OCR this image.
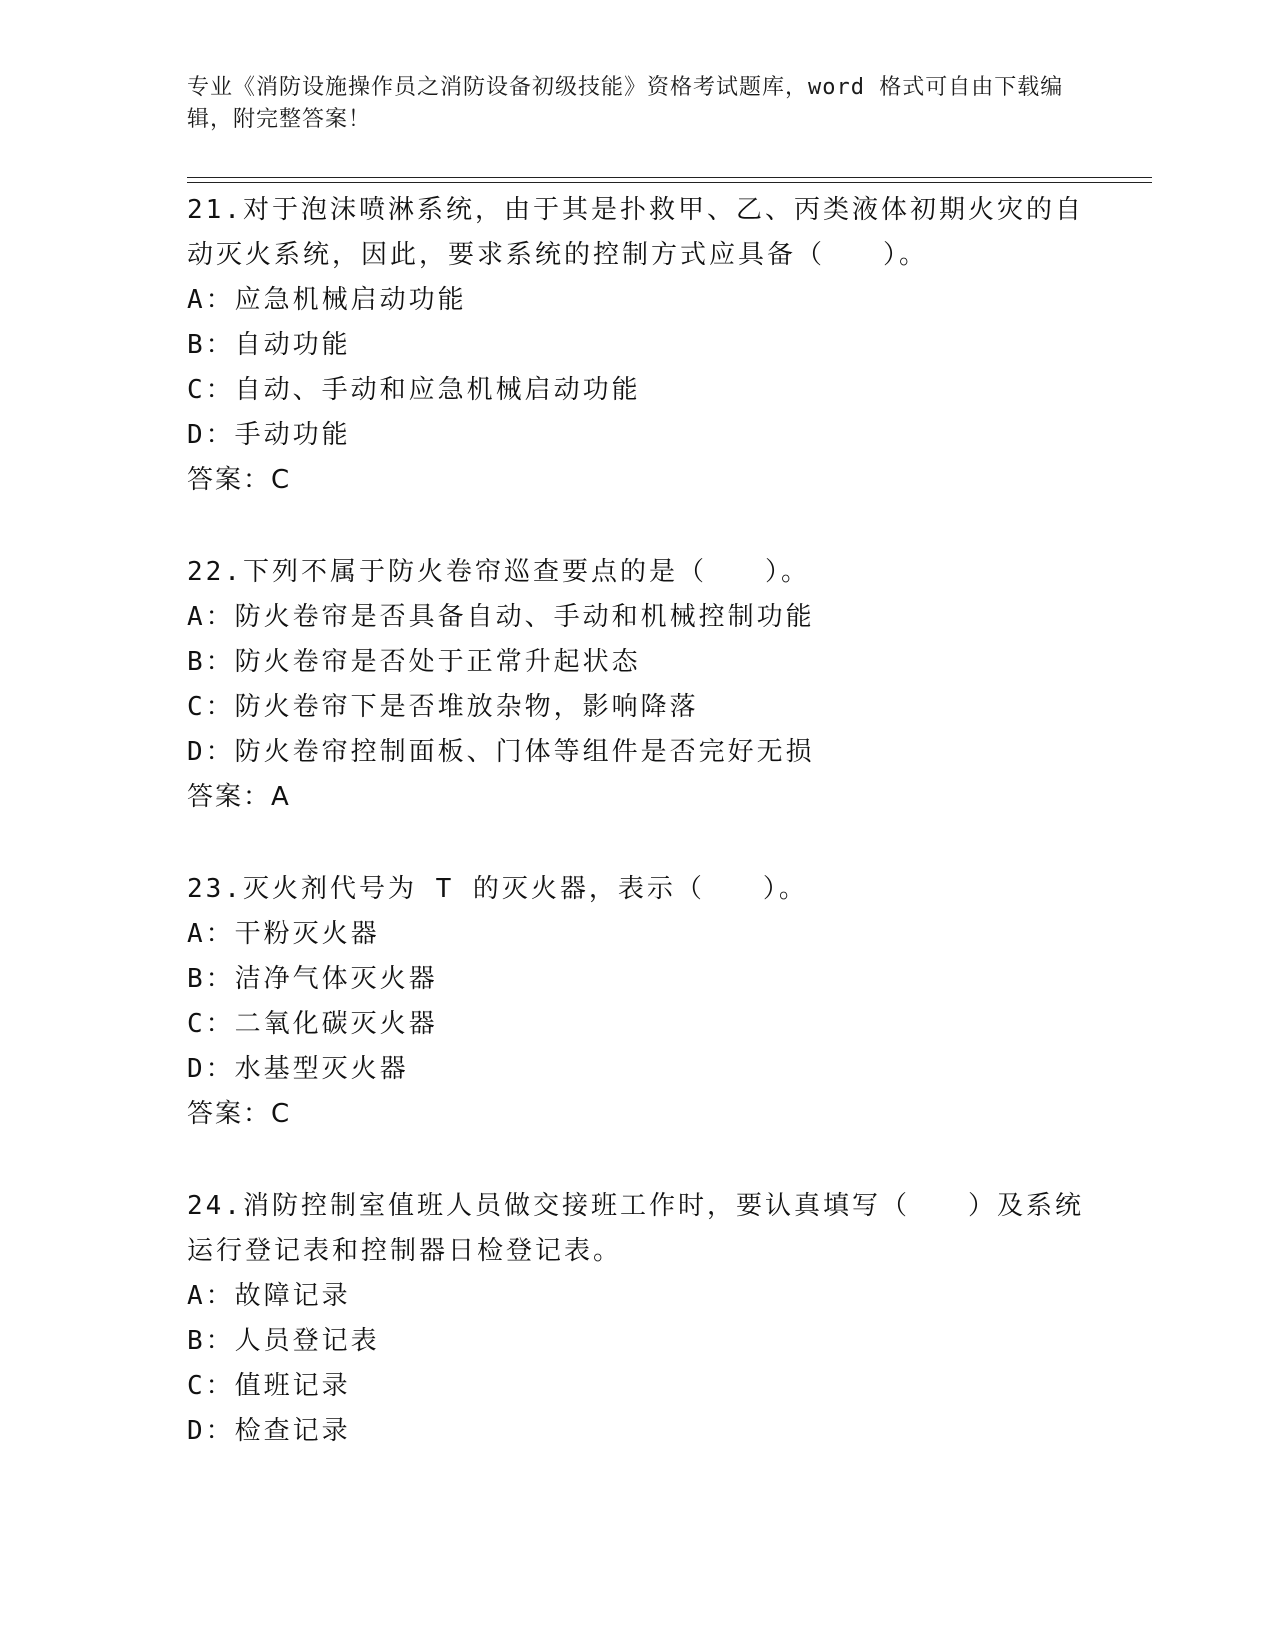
专业《消防设施操作员之消防设备初级技能》资格考试题库，word 格式可自由下载编辑，附完整答案！

21.对于泡沫喷淋系统，由于其是扑救甲、乙、丙类液体初期火灾的自动灭火系统，因此，要求系统的控制方式应具备（　　）。

A：应急机械启动功能

B：自动功能

C：自动、手动和应急机械启动功能

D：手动功能

答案：C

22.下列不属于防火卷帘巡查要点的是（　　）。

A：防火卷帘是否具备自动、手动和机械控制功能

B：防火卷帘是否处于正常升起状态

C：防火卷帘下是否堆放杂物，影响降落

D：防火卷帘控制面板、门体等组件是否完好无损

答案：A

23.灭火剂代号为 T 的灭火器，表示（　　）。

A：干粉灭火器

B：洁净气体灭火器

C：二氧化碳灭火器

D：水基型灭火器

答案：C

24.消防控制室值班人员做交接班工作时，要认真填写（　　）及系统运行登记表和控制器日检登记表。

A：故障记录

B：人员登记表

C：值班记录

D：检查记录
